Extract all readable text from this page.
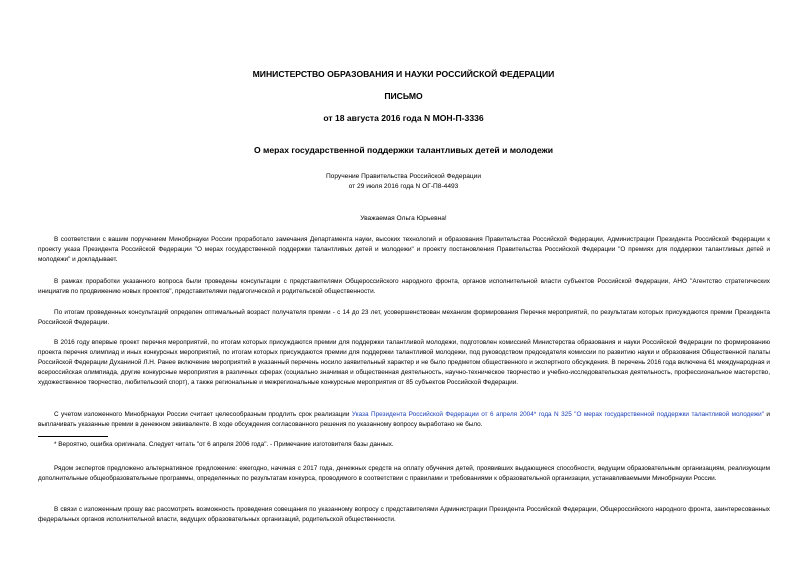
МИНИСТЕРСТВО ОБРАЗОВАНИЯ И НАУКИ РОССИЙСКОЙ ФЕДЕРАЦИИ
ПИСЬМО
от 18 августа 2016 года N МОН-П-3336
О мерах государственной поддержки талантливых детей и молодежи
Поручение Правительства Российской Федерации
от 29 июля 2016 года N ОГ-П8-4493
Уважаемая Ольга Юрьевна!

В соответствии с вашим поручением Минобрнауки России проработало замечания Департамента науки, высоких технологий и образования Правительства Российской Федерации, Администрации Президента Российской Федерации к проекту указа Президента Российской Федерации "О мерах государственной поддержки талантливых детей и молодежи" и проекту постановления Правительства Российской Федерации "О премиях для поддержки талантливых детей и молодежи" и докладывает.

В рамках проработки указанного вопроса были проведены консультации с представителями Общероссийского народного фронта, органов исполнительной власти субъектов Российской Федерации, АНО "Агентство стратегических инициатив по продвижению новых проектов", представителями педагогической и родительской общественности.

По итогам проведенных консультаций определен оптимальный возраст получателя премии - с 14 до 23 лет, усовершенствован механизм формирования Перечня мероприятий, по результатам которых присуждаются премии Президента Российской Федерации.

В 2016 году впервые проект перечня мероприятий, по итогам которых присуждаются премии для поддержки талантливой молодежи, подготовлен комиссией Министерства образования и науки Российской Федерации по формированию проекта перечня олимпиад и иных конкурсных мероприятий, по итогам которых присуждаются премии для поддержки талантливой молодежи, под руководством председателя комиссии по развитию науки и образования Общественной палаты Российской Федерации Духаниной Л.Н. Ранее включение мероприятий в указанный перечень носило заявительный характер и не было предметом общественного и экспертного обсуждения. В перечень 2016 года включена 61 международная и всероссийская олимпиада, другие конкурсные мероприятия в различных сферах (социально значимая и общественная деятельность, научно-техническое творчество и учебно-исследовательская деятельность, профессиональное мастерство, художественное творчество, любительский спорт), а также региональные и межрегиональные конкурсные мероприятия от 85 субъектов Российской Федерации.

С учетом изложенного Минобрнауки России считает целесообразным продлить срок реализации Указа Президента Российской Федерации от 6 апреля 2004* года N 325 "О мерах государственной поддержки талантливой молодежи" и выплачивать указанные премии в денежном эквиваленте. В ходе обсуждения согласованного решения по указанному вопросу выработано не было.

* Вероятно, ошибка оригинала. Следует читать "от 6 апреля 2006 года". - Примечание изготовителя базы данных.

Рядом экспертов предложено альтернативное предложение: ежегодно, начиная с 2017 года, денежных средств на оплату обучения детей, проявивших выдающиеся способности, ведущим образовательным организациям, реализующим дополнительные общеобразовательные программы, определенных по результатам конкурса, проводимого в соответствии с правилами и требованиями к образовательной организации, устанавливаемыми Минобрнауки России.

В связи с изложенным прошу вас рассмотреть возможность проведения совещания по указанному вопросу с представителями Администрации Президента Российской Федерации, Общероссийского народного фронта, заинтересованных федеральных органов исполнительной власти, ведущих образовательных организаций, родительской общественности.
